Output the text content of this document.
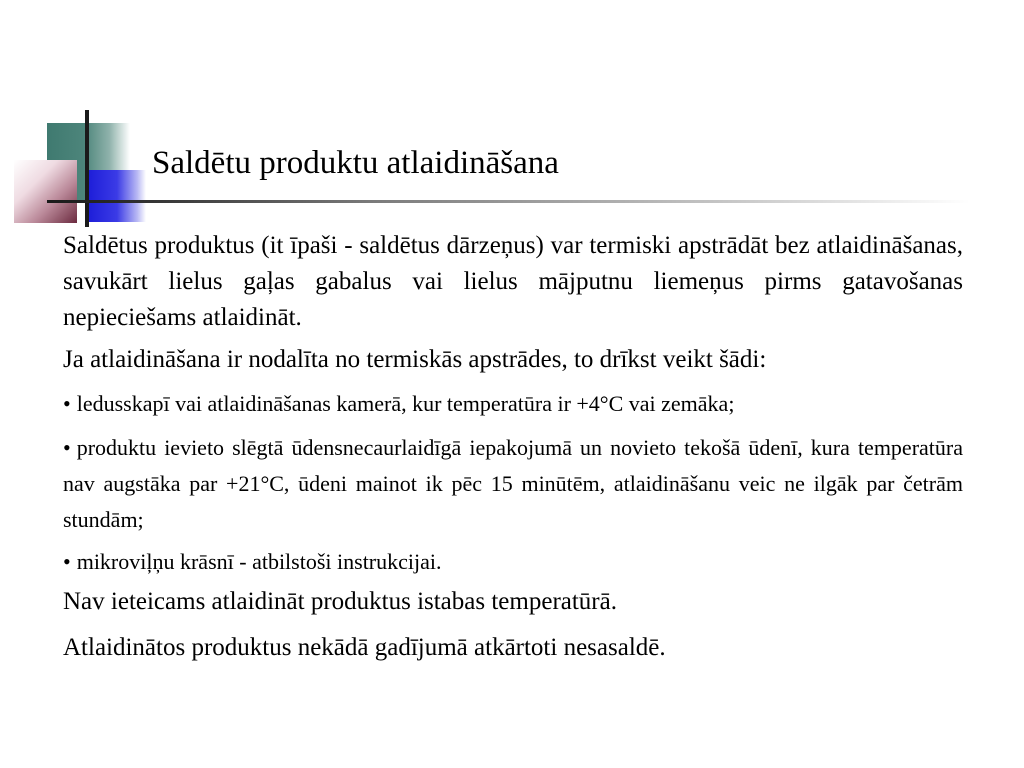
Saldētu produktu atlaidināšana

Saldētus produktus (it īpaši - saldētus dārzeņus) var termiski apstrādāt bez atlaidināšanas, savukārt lielus gaļas gabalus vai lielus mājputnu liemeņus pirms gatavošanas nepieciešams atlaidināt.

Ja atlaidināšana ir nodalīta no termiskās apstrādes, to drīkst veikt šādi:

• ledusskapī vai atlaidināšanas kamerā, kur temperatūra ir +4°C vai zemāka;

• produktu ievieto slēgtā ūdensnecaurlaidīgā iepakojumā un novieto tekošā ūdenī, kura temperatūra nav augstāka par +21°C, ūdeni mainot ik pēc 15 minūtēm, atlaidināšanu veic ne ilgāk par četrām stundām;

• mikroviļņu krāsnī - atbilstoši instrukcijai.

Nav ieteicams atlaidināt produktus istabas temperatūrā.

Atlaidinātos produktus nekādā gadījumā atkārtoti nesasaldē.
